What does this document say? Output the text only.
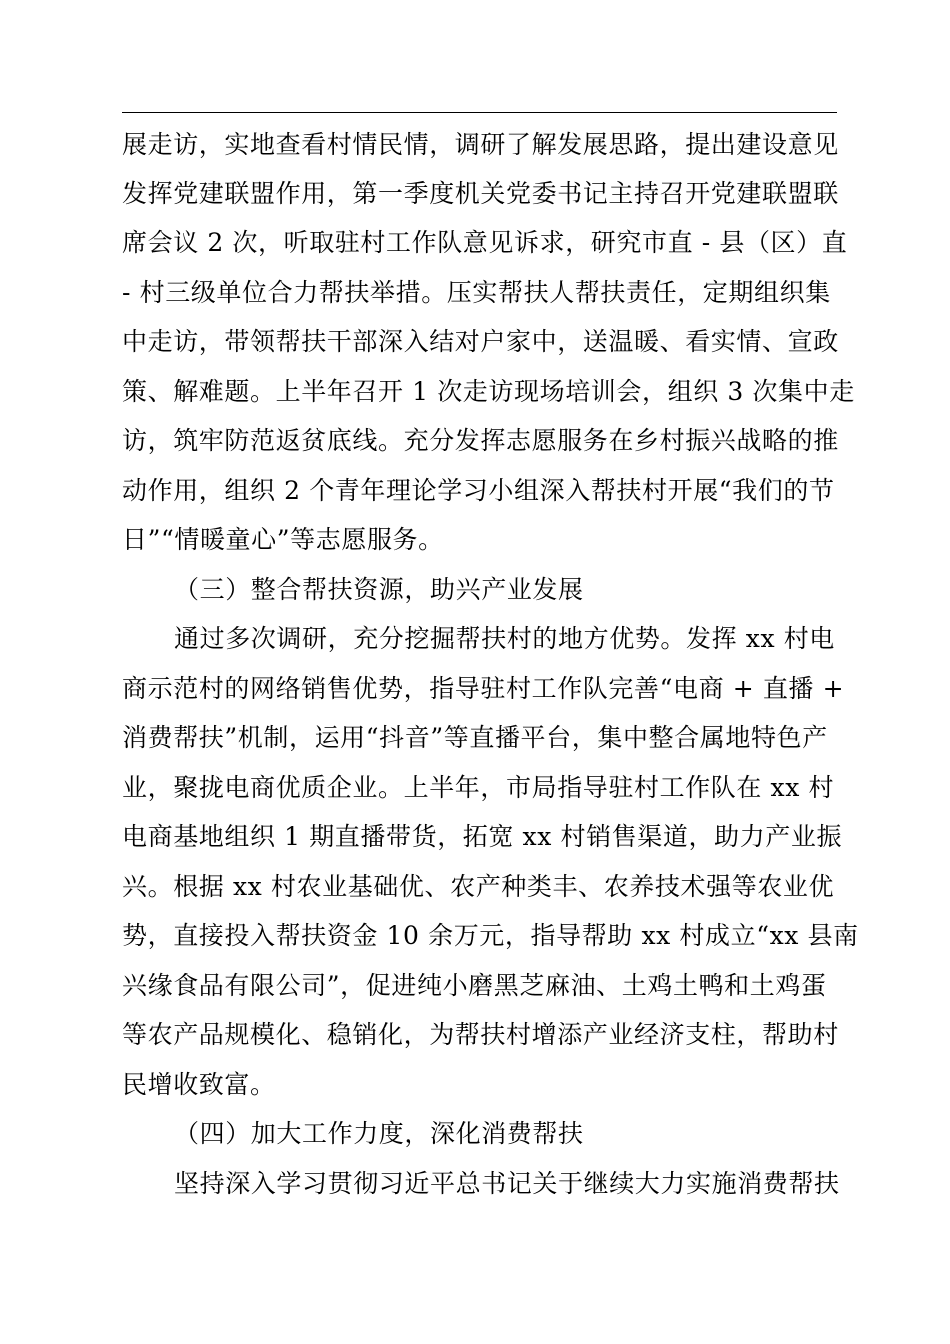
展走访，实地查看村情民情，调研了解发展思路，提出建设意见
发挥党建联盟作用，第一季度机关党委书记主持召开党建联盟联
席会议 2 次，听取驻村工作队意见诉求，研究市直 - 县（区）直
- 村三级单位合力帮扶举措。压实帮扶人帮扶责任，定期组织集
中走访，带领帮扶干部深入结对户家中，送温暖、看实情、宣政
策、解难题。上半年召开 1 次走访现场培训会，组织 3 次集中走
访，筑牢防范返贫底线。充分发挥志愿服务在乡村振兴战略的推
动作用，组织 2 个青年理论学习小组深入帮扶村开展“我们的节
日”“情暖童心”等志愿服务。
（三）整合帮扶资源，助兴产业发展
通过多次调研，充分挖掘帮扶村的地方优势。发挥 xx 村电
商示范村的网络销售优势，指导驻村工作队完善“电商 + 直播 +
消费帮扶”机制，运用“抖音”等直播平台，集中整合属地特色产
业，聚拢电商优质企业。上半年，市局指导驻村工作队在 xx 村
电商基地组织 1 期直播带货，拓宽 xx 村销售渠道，助力产业振
兴。根据 xx 村农业基础优、农产种类丰、农养技术强等农业优
势，直接投入帮扶资金 10 余万元，指导帮助 xx 村成立“xx 县南
兴缘食品有限公司”，促进纯小磨黑芝麻油、土鸡土鸭和土鸡蛋
等农产品规模化、稳销化，为帮扶村增添产业经济支柱，帮助村
民增收致富。
（四）加大工作力度，深化消费帮扶
坚持深入学习贯彻习近平总书记关于继续大力实施消费帮扶
